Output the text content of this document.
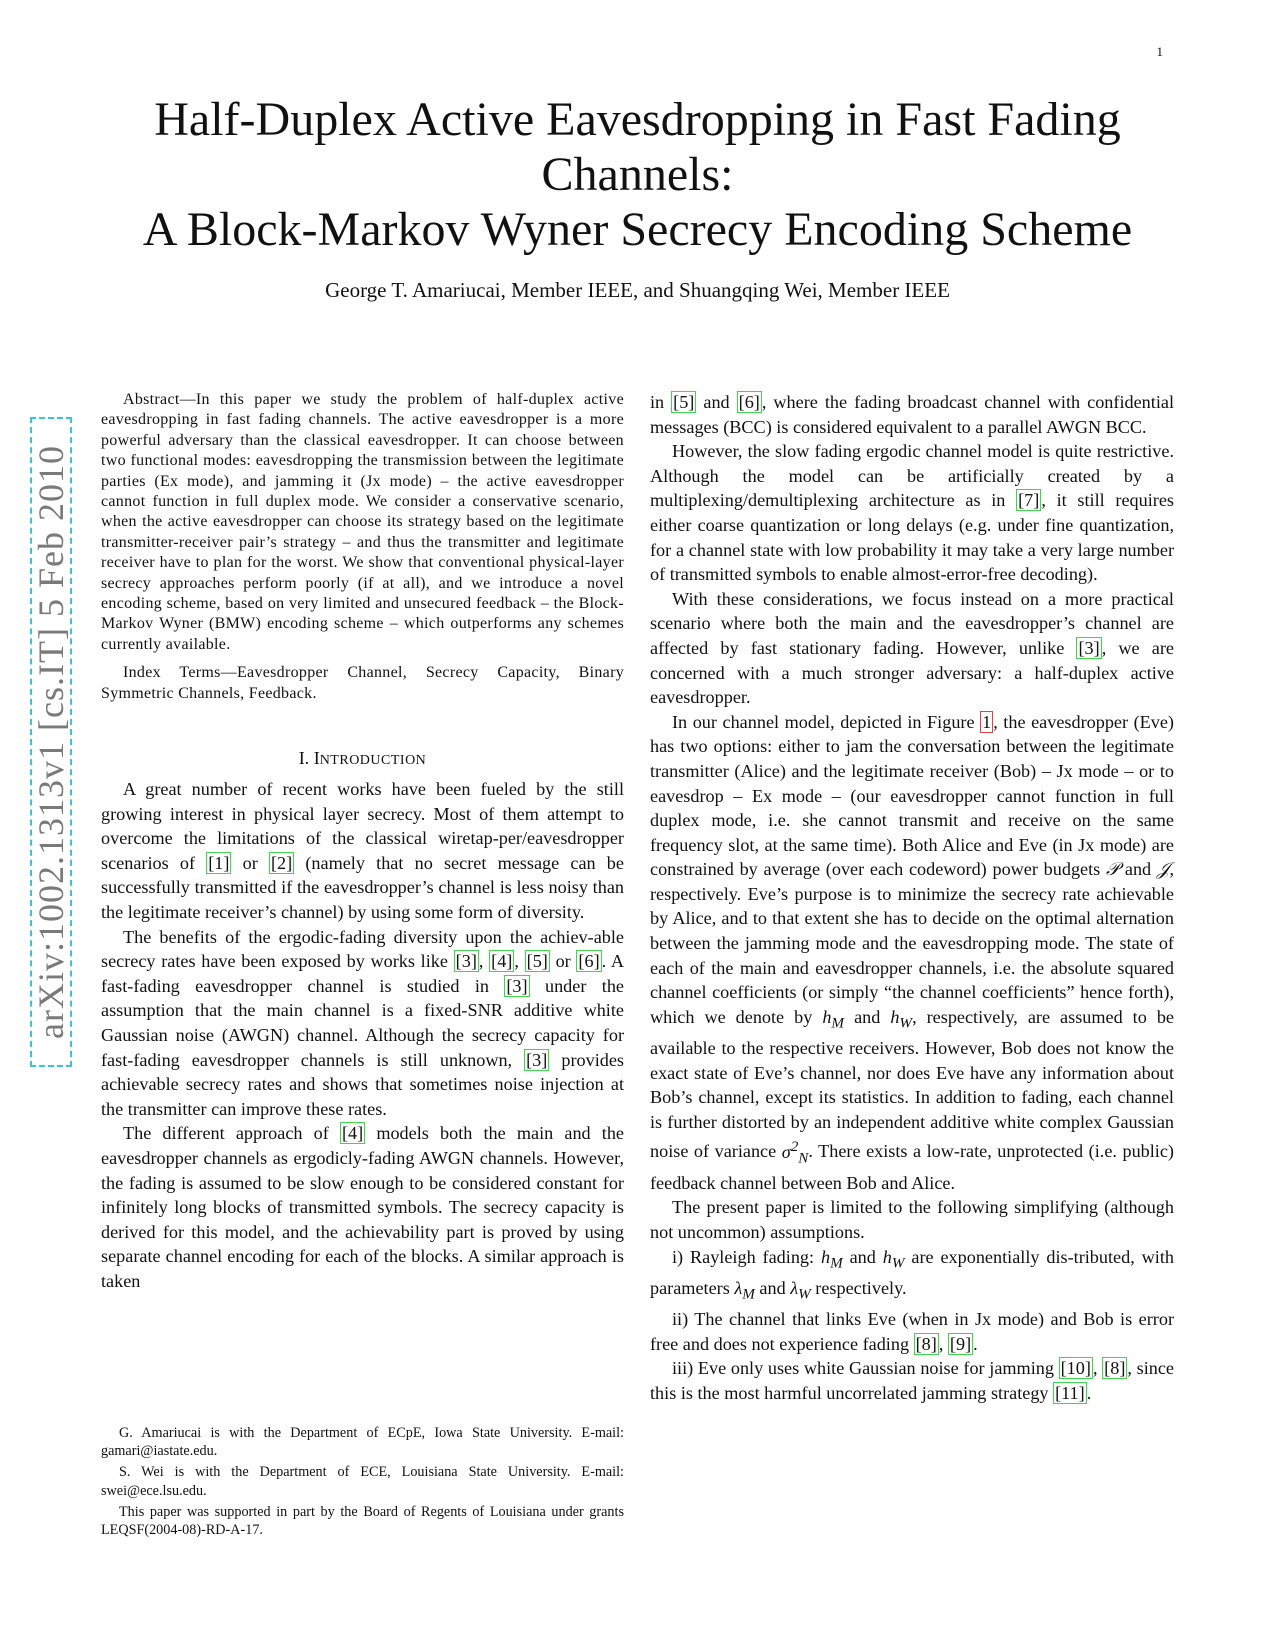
1
arXiv:1002.1313v1 [cs.IT] 5 Feb 2010
Half-Duplex Active Eavesdropping in Fast Fading
Channels:
A Block-Markov Wyner Secrecy Encoding Scheme
George T. Amariucai, Member IEEE, and Shuangqing Wei, Member IEEE

Abstract—In this paper we study the problem of half-duplex active eavesdropping in fast fading channels. The active eavesdropper is a more powerful adversary than the classical eavesdropper. It can choose between two functional modes: eavesdropping the transmission between the legitimate parties (Ex mode), and jamming it (Jx mode) – the active eavesdropper cannot function in full duplex mode. We consider a conservative scenario, when the active eavesdropper can choose its strategy based on the legitimate transmitter-receiver pair’s strategy – and thus the transmitter and legitimate receiver have to plan for the worst. We show that conventional physical-layer secrecy approaches perform poorly (if at all), and we introduce a novel encoding scheme, based on very limited and unsecured feedback – the Block-Markov Wyner (BMW) encoding scheme – which outperforms any schemes currently available.

Index Terms—Eavesdropper Channel, Secrecy Capacity, Binary Symmetric Channels, Feedback.

I. INTRODUCTION

A great number of recent works have been fueled by the still growing interest in physical layer secrecy. Most of them attempt to overcome the limitations of the classical wiretap-per/eavesdropper scenarios of [1] or [2] (namely that no secret message can be successfully transmitted if the eavesdropper’s channel is less noisy than the legitimate receiver’s channel) by using some form of diversity.

The benefits of the ergodic-fading diversity upon the achiev-able secrecy rates have been exposed by works like [3] , [4] , [5] or [6] . A fast-fading eavesdropper channel is studied in [3] under the assumption that the main channel is a fixed-SNR additive white Gaussian noise (AWGN) channel. Although the secrecy capacity for fast-fading eavesdropper channels is still unknown, [3] provides achievable secrecy rates and shows that sometimes noise injection at the transmitter can improve these rates.

The different approach of [4] models both the main and the eavesdropper channels as ergodicly-fading AWGN channels. However, the fading is assumed to be slow enough to be considered constant for infinitely long blocks of transmitted symbols. The secrecy capacity is derived for this model, and the achievability part is proved by using separate channel encoding for each of the blocks. A similar approach is taken

in [5] and [6] , where the fading broadcast channel with confidential messages (BCC) is considered equivalent to a parallel AWGN BCC.

However, the slow fading ergodic channel model is quite restrictive. Although the model can be artificially created by a multiplexing/demultiplexing architecture as in [7] , it still requires either coarse quantization or long delays (e.g. under fine quantization, for a channel state with low probability it may take a very large number of transmitted symbols to enable almost-error-free decoding).

With these considerations, we focus instead on a more practical scenario where both the main and the eavesdropper’s channel are affected by fast stationary fading. However, unlike [3] , we are concerned with a much stronger adversary: a half-duplex active eavesdropper.

In our channel model, depicted in Figure 1 , the eavesdropper (Eve) has two options: either to jam the conversation between the legitimate transmitter (Alice) and the legitimate receiver (Bob) – Jx mode – or to eavesdrop – Ex mode – (our eavesdropper cannot function in full duplex mode, i.e. she cannot transmit and receive on the same frequency slot, at the same time). Both Alice and Eve (in Jx mode) are constrained by average (over each codeword) power budgets 𝒫 and 𝒥, respectively. Eve’s purpose is to minimize the secrecy rate achievable by Alice, and to that extent she has to decide on the optimal alternation between the jamming mode and the eavesdropping mode. The state of each of the main and eavesdropper channels, i.e. the absolute squared channel coefficients (or simply “the channel coefficients” hence forth), which we denote by $h_M$ and $h_W$, respectively, are assumed to be available to the respective receivers. However, Bob does not know the exact state of Eve’s channel, nor does Eve have any information about Bob’s channel, except its statistics. In addition to fading, each channel is further distorted by an independent additive white complex Gaussian noise of variance $\sigma^2_N$. There exists a low-rate, unprotected (i.e. public) feedback channel between Bob and Alice.

The present paper is limited to the following simplifying (although not uncommon) assumptions.

i) Rayleigh fading: $h_M$ and $h_W$ are exponentially dis-tributed, with parameters $\lambda_M$ and $\lambda_W$ respectively.

ii) The channel that links Eve (when in Jx mode) and Bob is error free and does not experience fading [8] , [9] .

iii) Eve only uses white Gaussian noise for jamming [10] , [8] , since this is the most harmful uncorrelated jamming strategy [11] .

G. Amariucai is with the Department of ECpE, Iowa State University. E-mail: gamari@iastate.edu.

S. Wei is with the Department of ECE, Louisiana State University. E-mail: swei@ece.lsu.edu.

This paper was supported in part by the Board of Regents of Louisiana under grants LEQSF(2004-08)-RD-A-17.
